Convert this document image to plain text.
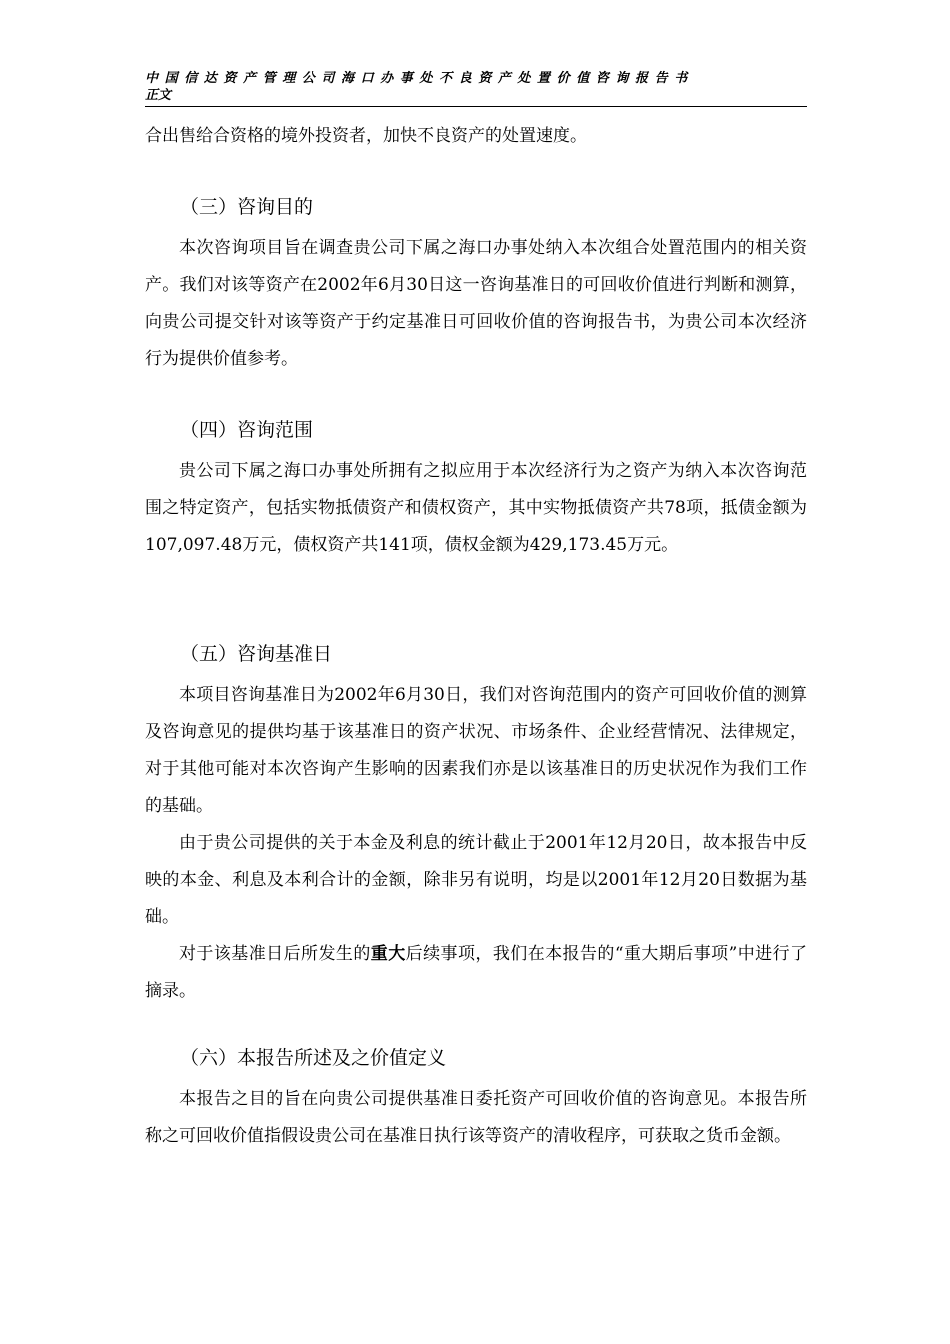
中国信达资产管理公司海口办事处不良资产处置价值咨询报告书
正文

合出售给合资格的境外投资者，加快不良资产的处置速度。

（三）咨询目的

本次咨询项目旨在调查贵公司下属之海口办事处纳入本次组合处置范围内的相关资产。我们对该等资产在2002年6月30日这一咨询基准日的可回收价值进行判断和测算，向贵公司提交针对该等资产于约定基准日可回收价值的咨询报告书，为贵公司本次经济行为提供价值参考。

（四）咨询范围

贵公司下属之海口办事处所拥有之拟应用于本次经济行为之资产为纳入本次咨询范围之特定资产，包括实物抵债资产和债权资产，其中实物抵债资产共78项，抵债金额为107,097.48万元，债权资产共141项，债权金额为429,173.45万元。

（五）咨询基准日

本项目咨询基准日为2002年6月30日，我们对咨询范围内的资产可回收价值的测算及咨询意见的提供均基于该基准日的资产状况、市场条件、企业经营情况、法律规定，对于其他可能对本次咨询产生影响的因素我们亦是以该基准日的历史状况作为我们工作的基础。

由于贵公司提供的关于本金及利息的统计截止于2001年12月20日，故本报告中反映的本金、利息及本利合计的金额，除非另有说明，均是以2001年12月20日数据为基础。

对于该基准日后所发生的重大后续事项，我们在本报告的“重大期后事项”中进行了摘录。

（六）本报告所述及之价值定义

本报告之目的旨在向贵公司提供基准日委托资产可回收价值的咨询意见。本报告所称之可回收价值指假设贵公司在基准日执行该等资产的清收程序，可获取之货币金额。
